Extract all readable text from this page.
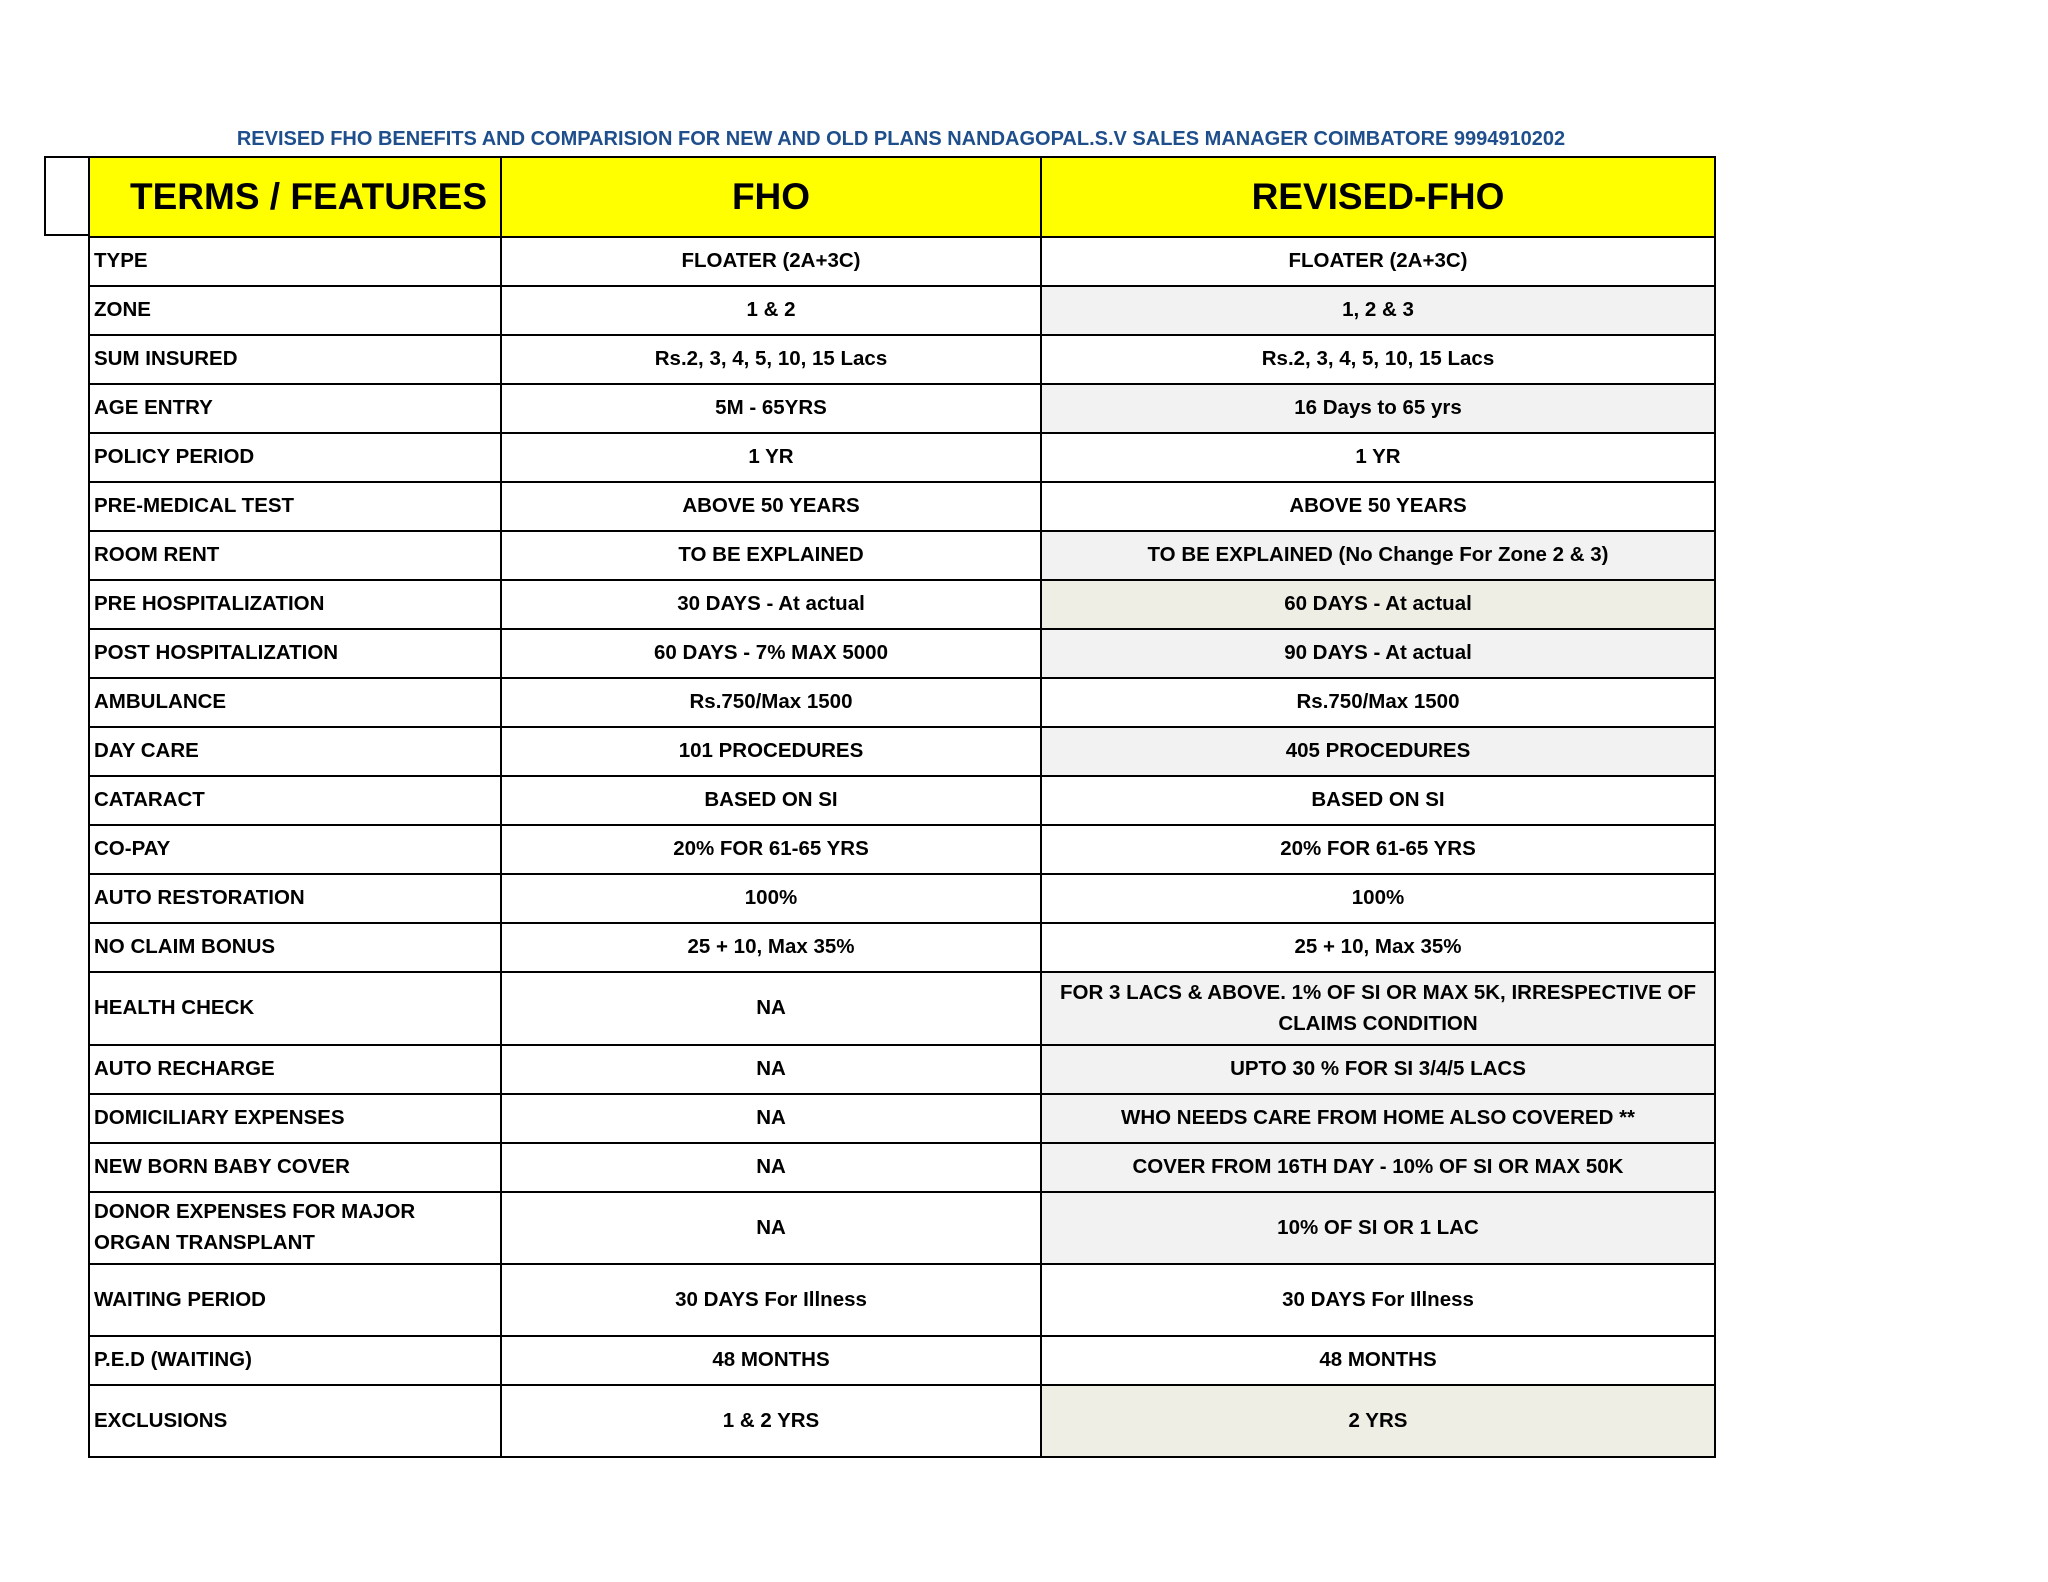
REVISED FHO BENEFITS AND COMPARISION FOR NEW AND OLD PLANS NANDAGOPAL.S.V SALES MANAGER COIMBATORE 9994910202
TERMS / FEATURES	FHO	REVISED-FHO
TYPE	FLOATER (2A+3C)	FLOATER (2A+3C)
ZONE	1 & 2	1, 2 & 3
SUM INSURED	Rs.2, 3, 4, 5, 10, 15 Lacs	Rs.2, 3, 4, 5, 10, 15 Lacs
AGE ENTRY	5M - 65YRS	16 Days to 65 yrs
POLICY PERIOD	1 YR	1 YR
PRE-MEDICAL TEST	ABOVE 50 YEARS	ABOVE 50 YEARS
ROOM RENT	TO BE EXPLAINED	TO BE EXPLAINED (No Change For Zone 2 & 3)
PRE HOSPITALIZATION	30 DAYS - At actual	60 DAYS - At actual
POST HOSPITALIZATION	60 DAYS - 7% MAX 5000	90 DAYS - At actual
AMBULANCE	Rs.750/Max 1500	Rs.750/Max 1500
DAY CARE	101 PROCEDURES	405 PROCEDURES
CATARACT	BASED ON SI	BASED ON SI
CO-PAY	20% FOR 61-65 YRS	20% FOR 61-65 YRS
AUTO RESTORATION	100%	100%
NO CLAIM BONUS	25 + 10, Max 35%	25 + 10, Max 35%
HEALTH CHECK	NA	FOR 3 LACS & ABOVE. 1% OF SI OR MAX 5K, IRRESPECTIVE OF CLAIMS CONDITION
AUTO RECHARGE	NA	UPTO 30 % FOR SI 3/4/5 LACS
DOMICILIARY EXPENSES	NA	WHO NEEDS CARE FROM HOME ALSO COVERED **
NEW BORN BABY COVER	NA	COVER FROM 16TH DAY - 10% OF SI OR MAX 50K
DONOR EXPENSES FOR MAJOR ORGAN TRANSPLANT	NA	10% OF SI OR 1 LAC
WAITING PERIOD	30 DAYS For Illness	30 DAYS For Illness
P.E.D (WAITING)	48 MONTHS	48 MONTHS
EXCLUSIONS	1 & 2 YRS	2 YRS
